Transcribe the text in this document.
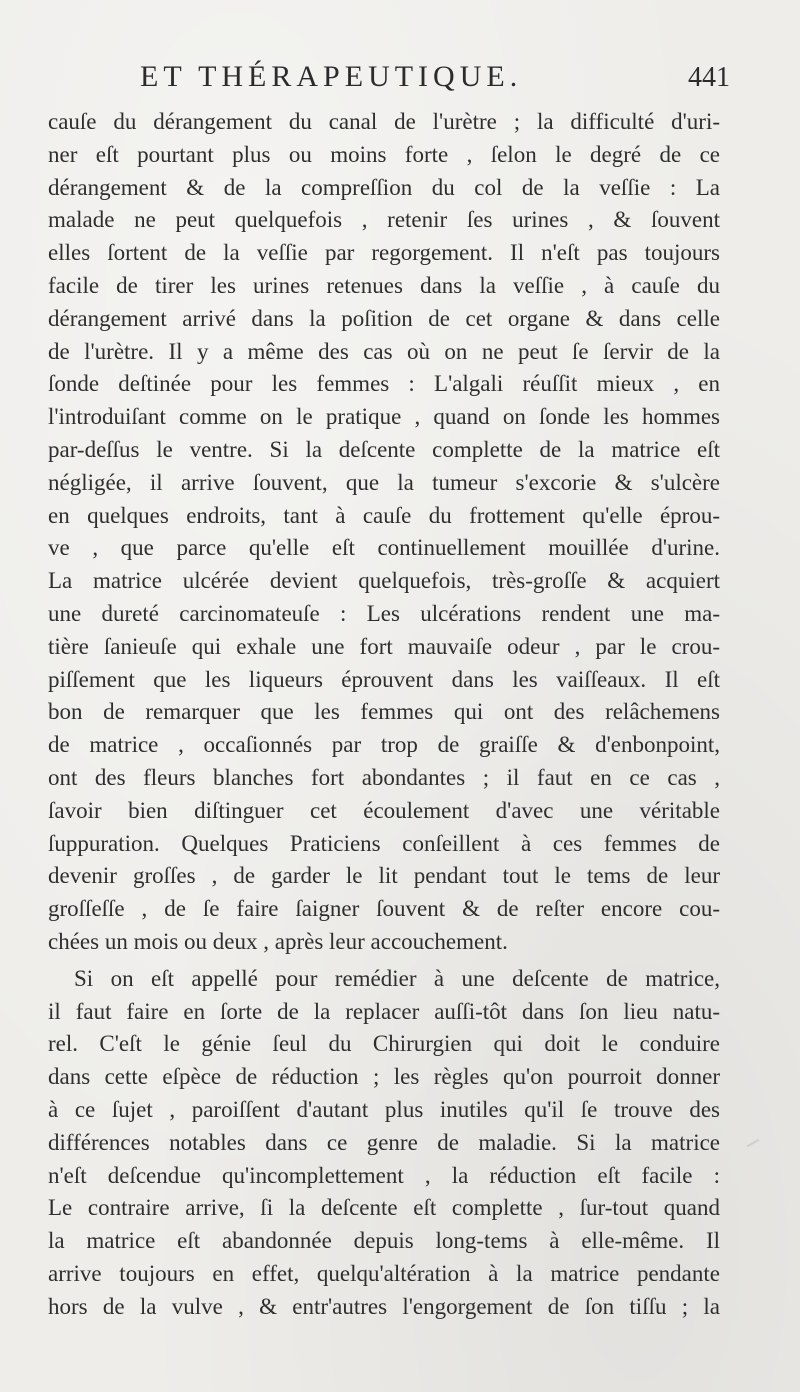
ET THÉRAPEUTIQUE.	441
cauſe du dérangement du canal de l'urètre ; la difficulté d'uri-
ner eſt pourtant plus ou moins forte , ſelon le degré de ce
dérangement & de la compreſſion du col de la veſſie : La
malade ne peut quelquefois , retenir ſes urines , & ſouvent
elles ſortent de la veſſie par regorgement. Il n'eſt pas toujours
facile de tirer les urines retenues dans la veſſie , à cauſe du
dérangement arrivé dans la poſition de cet organe & dans celle
de l'urètre. Il y a même des cas où on ne peut ſe ſervir de la
ſonde deſtinée pour les femmes : L'algali réuſſit mieux , en
l'introduiſant comme on le pratique , quand on ſonde les hommes
par-deſſus le ventre. Si la deſcente complette de la matrice eſt
négligée, il arrive ſouvent, que la tumeur s'excorie & s'ulcère
en quelques endroits, tant à cauſe du frottement qu'elle éprou-
ve , que parce qu'elle eſt continuellement mouillée d'urine.
La matrice ulcérée devient quelquefois, très-groſſe & acquiert
une dureté carcinomateuſe : Les ulcérations rendent une ma-
tière ſanieuſe qui exhale une fort mauvaiſe odeur , par le crou-
piſſement que les liqueurs éprouvent dans les vaiſſeaux. Il eſt
bon de remarquer que les femmes qui ont des relâchemens
de matrice , occaſionnés par trop de graiſſe & d'enbonpoint,
ont des fleurs blanches fort abondantes ; il faut en ce cas ,
ſavoir bien diſtinguer cet écoulement d'avec une véritable
ſuppuration. Quelques Praticiens conſeillent à ces femmes de
devenir groſſes , de garder le lit pendant tout le tems de leur
groſſeſſe , de ſe faire ſaigner ſouvent & de reſter encore cou-
chées un mois ou deux , après leur accouchement.
Si on eſt appellé pour remédier à une deſcente de matrice,
il faut faire en ſorte de la replacer auſſi-tôt dans ſon lieu natu-
rel. C'eſt le génie ſeul du Chirurgien qui doit le conduire
dans cette eſpèce de réduction ; les règles qu'on pourroit donner
à ce ſujet , paroiſſent d'autant plus inutiles qu'il ſe trouve des
différences notables dans ce genre de maladie. Si la matrice
n'eſt deſcendue qu'incomplettement , la réduction eſt facile :
Le contraire arrive, ſi la deſcente eſt complette , ſur-tout quand
la matrice eſt abandonnée depuis long-tems à elle-même. Il
arrive toujours en effet, quelqu'altération à la matrice pendante
hors de la vulve , & entr'autres l'engorgement de ſon tiſſu ; la
